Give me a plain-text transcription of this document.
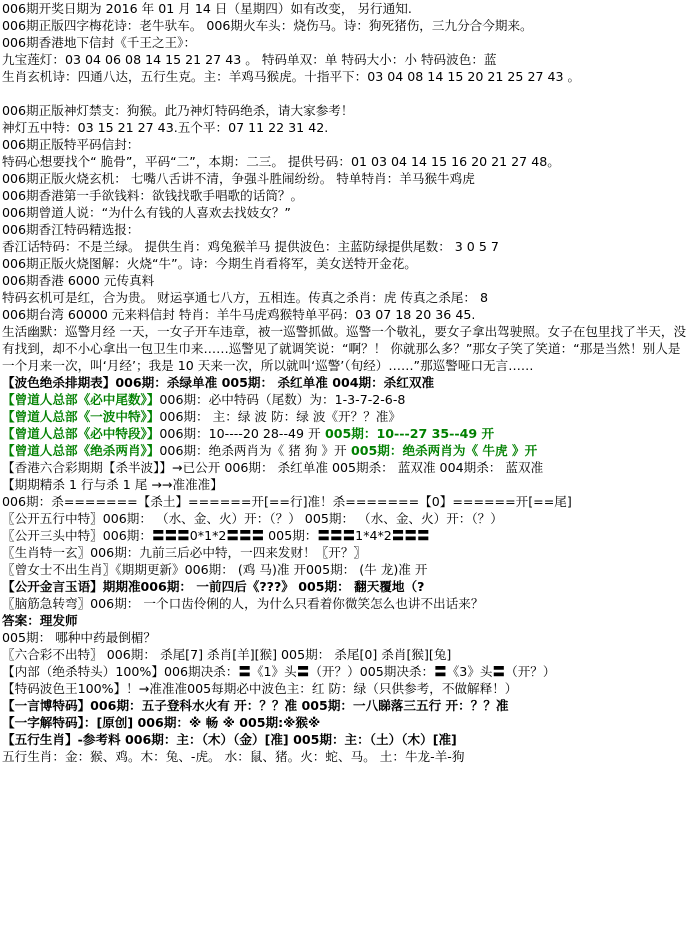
006期开奖日期为 2016 年 01 月 14 日（星期四）如有改变， 另行通知.
006期正版四字梅花诗：老牛驮车。 006期火车头：烧伤马。诗：狗死猪伤，三九分合今期来。
006期香港地下信封《千王之王》：
九宝莲灯：03 04 06 08 14 15 21 27 43 。 特码单双：单 特码大小：小 特码波色：蓝
生肖玄机诗：四通八达，五行生克。主：羊鸡马猴虎。十指平下：03 04 08 14 15 20 21 25 27 43 。
006期正版神灯禁支：狗猴。此乃神灯特码绝杀，请大家参考！
神灯五中特：03 15 21 27 43.五个平：07 11 22 31 42.
006期正版特平码信封：
特码心想要找个“ 脆骨”，平码“二”，本期：二三。 提供号码：01 03 04 14 15 16 20 21 27 48。
006期正版火烧玄机： 七嘴八舌讲不清，争强斗胜闹纷纷。 特单特肖：羊马猴牛鸡虎
006期香港第一手欲钱料：欲钱找歌手唱歌的话筒？。
006期曾道人说：“为什么有钱的人喜欢去找妓女？”
006期香江特码精选报：
香江话特码：不是兰绿。 提供生肖：鸡兔猴羊马 提供波色：主蓝防绿提供尾数： 3 0 5 7
006期正版火烧图解：火烧“牛”。诗：今期生肖看将军，美女送特开金花。
006期香港 6000 元传真料
特码玄机可是红，合为贵。 财运享通七八方，五相连。传真之杀肖：虎 传真之杀尾： 8
006期台湾 60000 元来料信封 特肖：羊牛马虎鸡猴特单平码：03 07 18 20 36 45.
生活幽默：巡警月经 一天，一女子开车违章，被一巡警抓做。巡警一个敬礼，要女子拿出驾驶照。女子在包里找了半天，没有找到，却不小心拿出一包卫生巾来……巡警见了就调笑说：“啊？！ 你就那么多？”那女子笑了笑道：“那是当然！别人是一个月来一次，叫‘月经’；我是 10 天来一次，所以就叫‘巡警’（旬经）……”那巡警哑口无言……
【波色绝杀排期表】006期：杀绿单准 005期： 杀红单准 004期：杀红双准
【曾道人总部《必中尾数》】006期：必中特码（尾数）为：1-3-7-2-6-8
【曾道人总部《一波中特》】006期： 主：绿 波 防：绿 波《开？？准》
【曾道人总部《必中特段》】006期：10----20 28--49 开 005期：10---27 35--49 开
【曾道人总部《绝杀两肖》】006期：绝杀两肖为《 猪 狗 》开 005期：绝杀两肖为《 牛虎 》开
【香港六合彩期期【杀半波】】→已公开 006期： 杀红单准 005期杀： 蓝双准 004期杀： 蓝双准
【期期精杀 1 行与杀 1 尾 →→准准准】
006期：杀=======【杀土】======开[==行]准！杀=======【0】======开[==尾]
〖公开五行中特〗006期： （水、金、火）开：（？） 005期： （水、金、火）开：（？）
〖公开三头中特〗006期：〓〓〓0*1*2〓〓〓 005期：〓〓〓1*4*2〓〓〓
〖生肖特一玄〗006期：九前三后必中特，一四来发财！〖开？〗
〖曾女士不出生肖〗《期期更新》006期： (鸡 马)准 开005期： (牛 龙)准 开
【公开金言玉语】期期准006期： 一前四后《???》 005期： 翻天覆地（?
〖脑筋急转弯〗006期： 一个口齿伶俐的人，为什么只看着你微笑怎么也讲不出话来？
答案：理发师
005期： 哪种中药最倒楣？
〖六合彩不出特〗 006期： 杀尾[7] 杀肖[羊][猴] 005期： 杀尾[0] 杀肖[猴][兔]
【内部（绝杀特头）100%】006期决杀：〓《1》头〓（开？）005期决杀：〓《3》头〓（开？）
【特码波色王100%】！→准准准005每期必中波色主：红 防：绿（只供参考，不做解释！）
【一言博特码】006期：五子登科水火有 开：？？准 005期：一八睇落三五行 开：？？准
【一字解特码】：[原创] 006期：※ 畅 ※ 005期:※猴※
【五行生肖】-参考料 006期：主：（木）（金）[准] 005期：主：（土）（木）[准]
五行生肖：金：猴、鸡。木：兔、-虎。 水：鼠、猪。火：蛇、马。 土：牛龙-羊-狗
